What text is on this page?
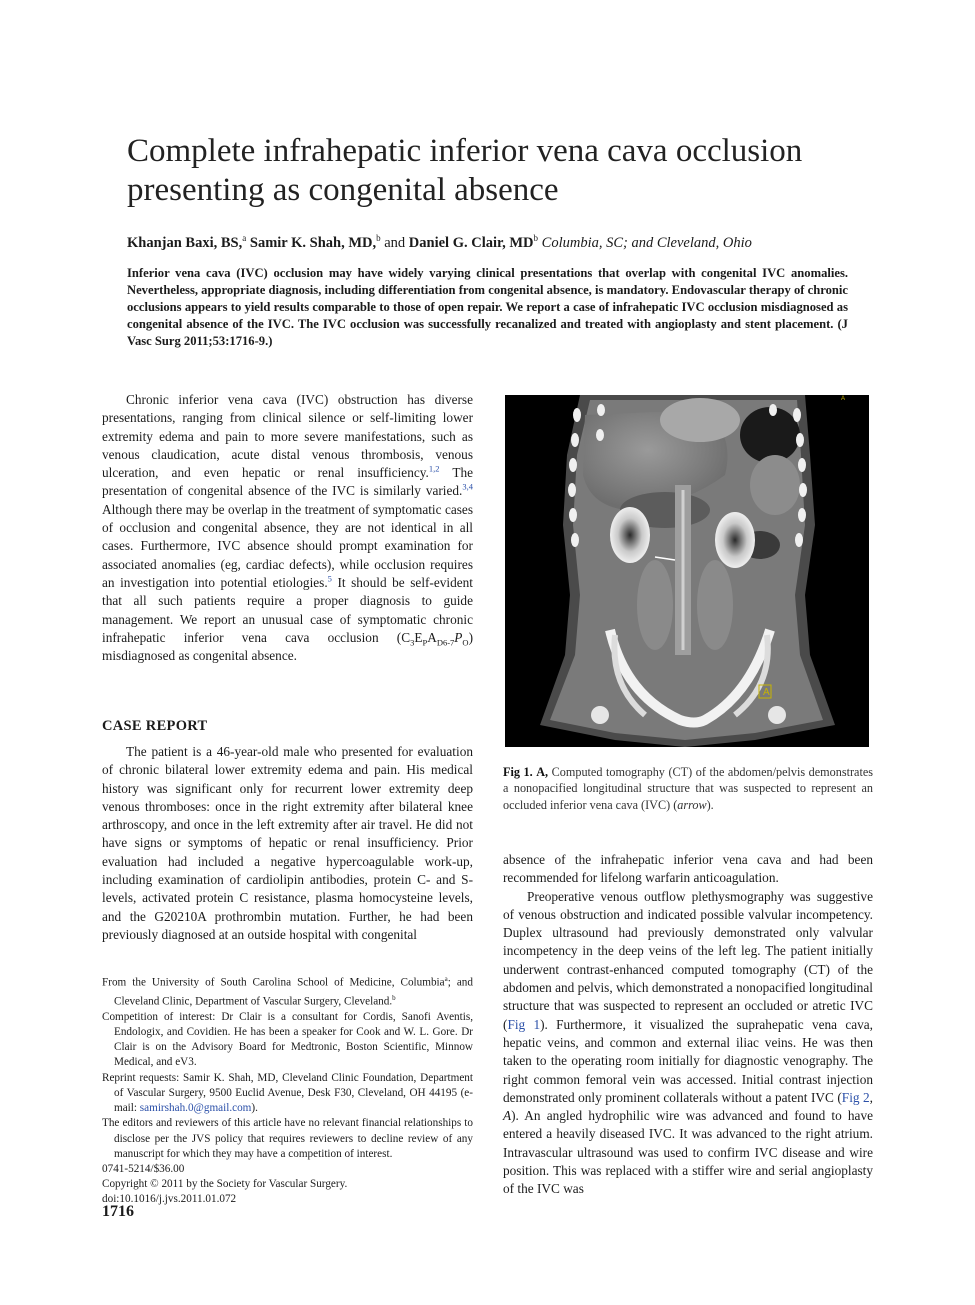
Complete infrahepatic inferior vena cava occlusion presenting as congenital absence
Khanjan Baxi, BS,$^a$ Samir K. Shah, MD,$^b$ and Daniel G. Clair, $MD^b$ Columbia, SC; and Cleveland, Ohio
Inferior vena cava (IVC) occlusion may have widely varying clinical presentations that overlap with congenital IVC anomalies. Nevertheless, appropriate diagnosis, including differentiation from congenital absence, is mandatory. Endovascular therapy of chronic occlusions appears to yield results comparable to those of open repair. We report a case of infrahepatic IVC occlusion misdiagnosed as congenital absence of the IVC. The IVC occlusion was successfully recanalized and treated with angioplasty and stent placement. (J Vasc Surg 2011;53:1716-9.)

Chronic inferior vena cava (IVC) obstruction has diverse presentations, ranging from clinical silence or self-limiting lower extremity edema and pain to more severe manifestations, such as venous claudication, acute distal venous thrombosis, venous ulceration, and even hepatic or renal insufficiency.$^{1,2}$ The presentation of congenital absence of the IVC is similarly varied.$^{3,4}$ Although there may be overlap in the treatment of symptomatic cases of occlusion and congenital absence, they are not identical in all cases. Furthermore, IVC absence should prompt examination for associated anomalies (eg, cardiac defects), while occlusion requires an investigation into potential etiologies.$^5$ It should be self-evident that all such patients require a proper diagnosis to guide management. We report an unusual case of symptomatic chronic infrahepatic inferior vena cava occlusion $(C_3E_PA_{D6-7}P_O)$ misdiagnosed as congenital absence.

CASE REPORT

The patient is a 46-year-old male who presented for evaluation of chronic bilateral lower extremity edema and pain. His medical history was significant only for recurrent lower extremity deep venous thromboses: once in the right extremity after bilateral knee arthroscopy, and once in the left extremity after air travel. He did not have signs or symptoms of hepatic or renal insufficiency. Prior evaluation had included a negative hypercoagulable work-up, including examination of cardiolipin antibodies, protein C- and S-levels, activated protein C resistance, plasma homocysteine levels, and the G20210A prothrombin mutation. Further, he had been previously diagnosed at an outside hospital with congenital

From the University of South Carolina School of Medicine, Columbia$^a$; and Cleveland Clinic, Department of Vascular Surgery, Cleveland.$^b$

Competition of interest: Dr Clair is a consultant for Cordis, Sanofi Aventis, Endologix, and Covidien. He has been a speaker for Cook and W. L. Gore. Dr Clair is on the Advisory Board for Medtronic, Boston Scientific, Minnow Medical, and eV3.

Reprint requests: Samir K. Shah, MD, Cleveland Clinic Foundation, Department of Vascular Surgery, 9500 Euclid Avenue, Desk F30, Cleveland, OH 44195 (e-mail: samirshah.0@gmail.com).

The editors and reviewers of this article have no relevant financial relationships to disclose per the JVS policy that requires reviewers to decline review of any manuscript for which they may have a competition of interest.

0741-5214/$36.00

Copyright © 2011 by the Society for Vascular Surgery.

doi:10.1016/j.jvs.2011.01.072

1716
A
A
Fig 1. A, Computed tomography (CT) of the abdomen/pelvis demonstrates a nonopacified longitudinal structure that was suspected to represent an occluded inferior vena cava (IVC) (arrow).

absence of the infrahepatic inferior vena cava and had been recommended for lifelong warfarin anticoagulation.

Preoperative venous outflow plethysmography was suggestive of venous obstruction and indicated possible valvular incompetency. Duplex ultrasound had previously demonstrated only valvular incompetency in the deep veins of the left leg. The patient initially underwent contrast-enhanced computed tomography (CT) of the abdomen and pelvis, which demonstrated a nonopacified longitudinal structure that was suspected to represent an occluded or atretic IVC (Fig 1). Furthermore, it visualized the suprahepatic vena cava, hepatic veins, and common and external iliac veins. He was then taken to the operating room initially for diagnostic venography. The right common femoral vein was accessed. Initial contrast injection demonstrated only prominent collaterals without a patent IVC (Fig 2, A). An angled hydrophilic wire was advanced and found to have entered a heavily diseased IVC. It was advanced to the right atrium. Intravascular ultrasound was used to confirm IVC disease and wire position. This was replaced with a stiffer wire and serial angioplasty of the IVC was
